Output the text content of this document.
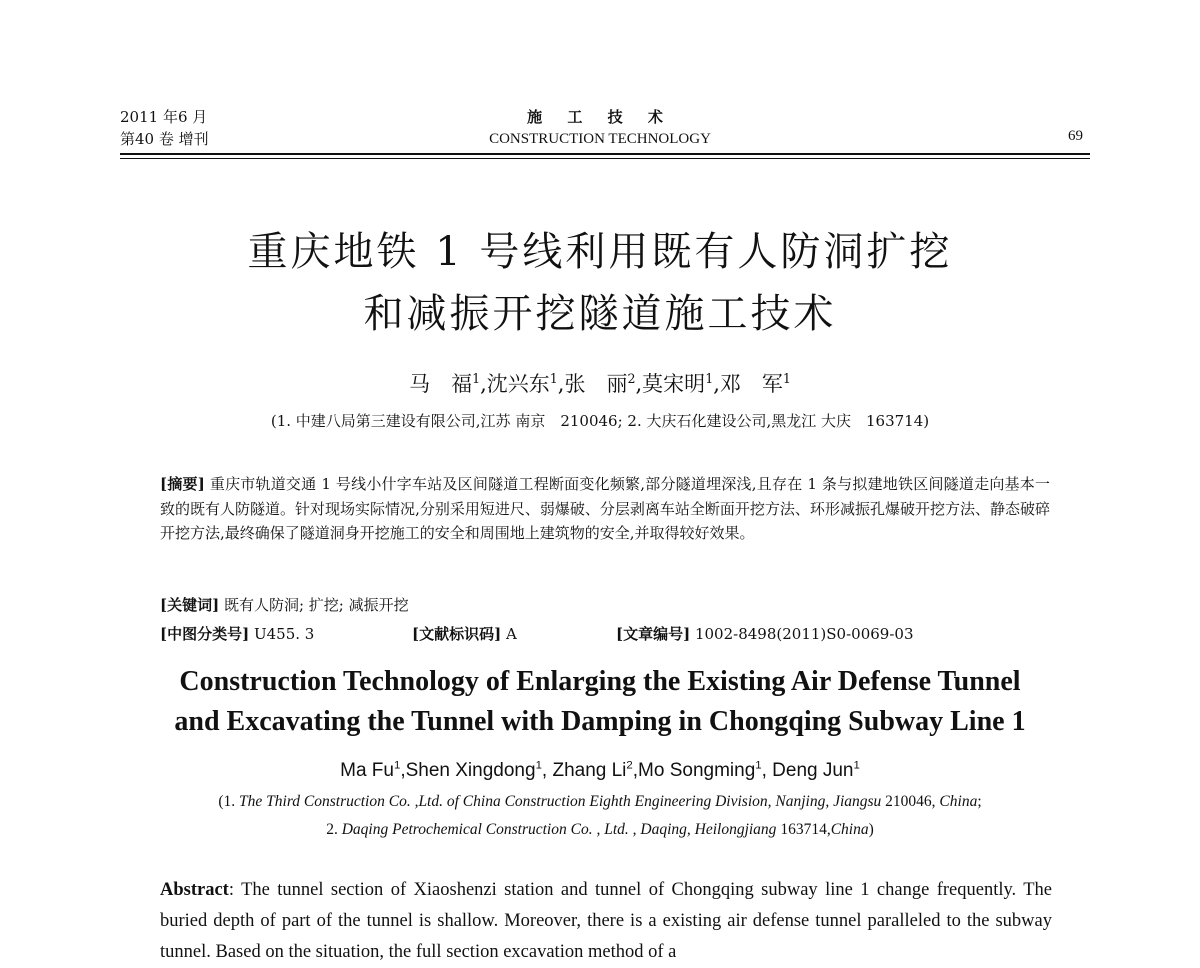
2011 年6 月
第40 卷 增刊
施 工 技 术
CONSTRUCTION TECHNOLOGY	69
重庆地铁 1 号线利用既有人防洞扩挖
和减振开挖隧道施工技术
马　福$^1$,沈兴东$^1$,张　丽$^2$,莫宋明$^1$,邓　军$^1$
(1. 中建八局第三建设有限公司,江苏 南京　210046; 2. 大庆石化建设公司,黑龙江 大庆　163714)
[摘要] 重庆市轨道交通 1 号线小什字车站及区间隧道工程断面变化频繁,部分隧道埋深浅,且存在 1 条与拟建地铁区间隧道走向基本一致的既有人防隧道。针对现场实际情况,分别采用短进尺、弱爆破、分层剥离车站全断面开挖方法、环形减振孔爆破开挖方法、静态破碎开挖方法,最终确保了隧道洞身开挖施工的安全和周围地上建筑物的安全,并取得较好效果。
[关键词] 既有人防洞; 扩挖; 减振开挖
[中图分类号] U455. 3	[文献标识码] A	[文章编号] 1002-8498(2011)S0-0069-03
Construction Technology of Enlarging the Existing Air Defense Tunnel
and Excavating the Tunnel with Damping in Chongqing Subway Line 1
Ma Fu$^1$,Shen Xingdong$^1$, Zhang Li$^2$,Mo Songming$^1$, Deng Jun$^1$
(1. The Third Construction Co. ,Ltd. of China Construction Eighth Engineering Division, Nanjing, Jiangsu 210046, China;
2. Daqing Petrochemical Construction Co. , Ltd. , Daqing, Heilongjiang 163714,China)
Abstract: The tunnel section of Xiaoshenzi station and tunnel of Chongqing subway line 1 change frequently. The buried depth of part of the tunnel is shallow. Moreover, there is a existing air defense tunnel paralleled to the subway tunnel. Based on the situation, the full section excavation method of a
